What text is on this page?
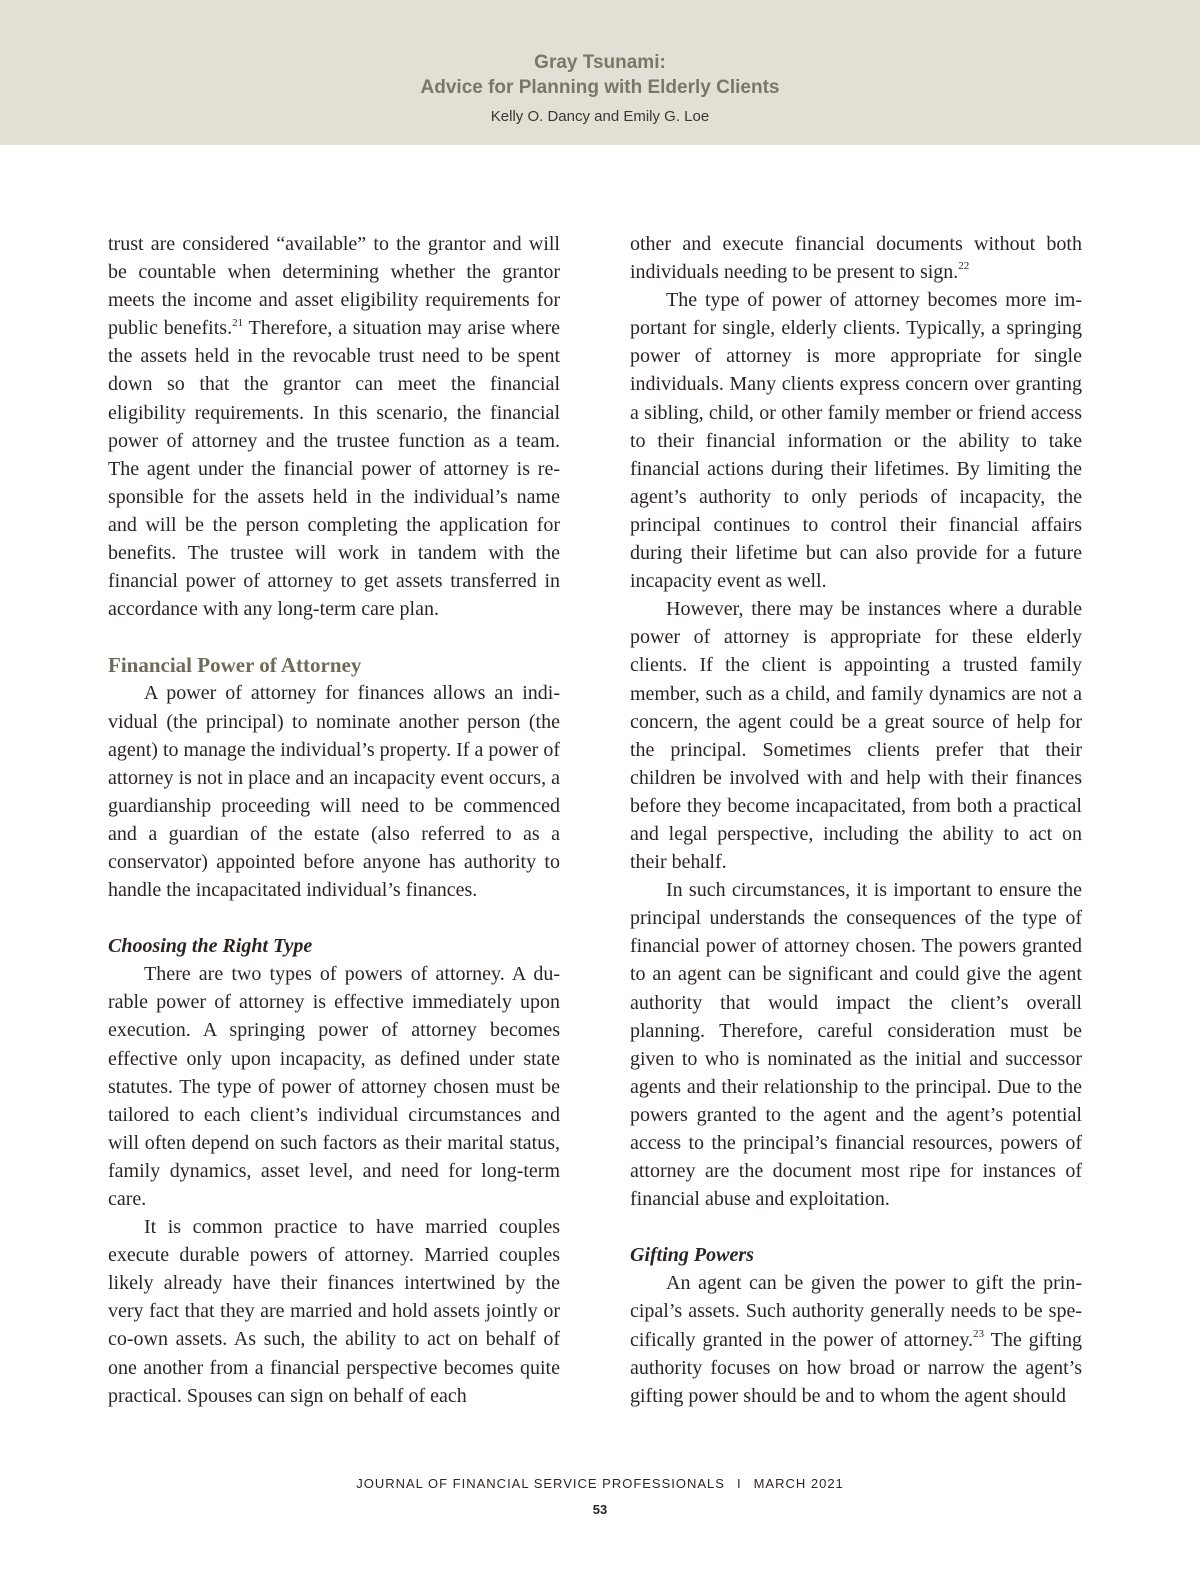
Gray Tsunami:
Advice for Planning with Elderly Clients
Kelly O. Dancy and Emily G. Loe

trust are considered “available” to the grantor and will be countable when determining whether the grantor meets the income and asset eligibility requirements for public benefits.$^{21}$ Therefore, a situation may arise where the assets held in the revocable trust need to be spent down so that the grantor can meet the financial eligibility requirements. In this scenario, the financial power of attorney and the trustee function as a team. The agent under the financial power of attorney is responsible for the assets held in the individual’s name and will be the person completing the application for benefits. The trustee will work in tandem with the financial power of attorney to get assets transferred in accordance with any long-term care plan.

Financial Power of Attorney

A power of attorney for finances allows an individual (the principal) to nominate another person (the agent) to manage the individual’s property. If a power of attorney is not in place and an incapacity event occurs, a guardianship proceeding will need to be commenced and a guardian of the estate (also referred to as a conservator) appointed before anyone has authority to handle the incapacitated individual’s finances.

Choosing the Right Type

There are two types of powers of attorney. A durable power of attorney is effective immediately upon execution. A springing power of attorney becomes effective only upon incapacity, as defined under state statutes. The type of power of attorney chosen must be tailored to each client’s individual circumstances and will often depend on such factors as their marital status, family dynamics, asset level, and need for long-term care.

It is common practice to have married couples execute durable powers of attorney. Married couples likely already have their finances intertwined by the very fact that they are married and hold assets jointly or co-own assets. As such, the ability to act on behalf of one another from a financial perspective becomes quite practical. Spouses can sign on behalf of each

other and execute financial documents without both individuals needing to be present to sign.$^{22}$

The type of power of attorney becomes more important for single, elderly clients. Typically, a springing power of attorney is more appropriate for single individuals. Many clients express concern over granting a sibling, child, or other family member or friend access to their financial information or the ability to take financial actions during their lifetimes. By limiting the agent’s authority to only periods of incapacity, the principal continues to control their financial affairs during their lifetime but can also provide for a future incapacity event as well.

However, there may be instances where a durable power of attorney is appropriate for these elderly clients. If the client is appointing a trusted family member, such as a child, and family dynamics are not a concern, the agent could be a great source of help for the principal. Sometimes clients prefer that their children be involved with and help with their finances before they become incapacitated, from both a practical and legal perspective, including the ability to act on their behalf.

In such circumstances, it is important to ensure the principal understands the consequences of the type of financial power of attorney chosen. The powers granted to an agent can be significant and could give the agent authority that would impact the client’s overall planning. Therefore, careful consideration must be given to who is nominated as the initial and successor agents and their relationship to the principal. Due to the powers granted to the agent and the agent’s potential access to the principal’s financial resources, powers of attorney are the document most ripe for instances of financial abuse and exploitation.

Gifting Powers

An agent can be given the power to gift the principal’s assets. Such authority generally needs to be specifically granted in the power of attorney.$^{23}$ The gifting authority focuses on how broad or narrow the agent’s gifting power should be and to whom the agent should

JOURNAL OF FINANCIAL SERVICE PROFESSIONALS I MARCH 2021
53
